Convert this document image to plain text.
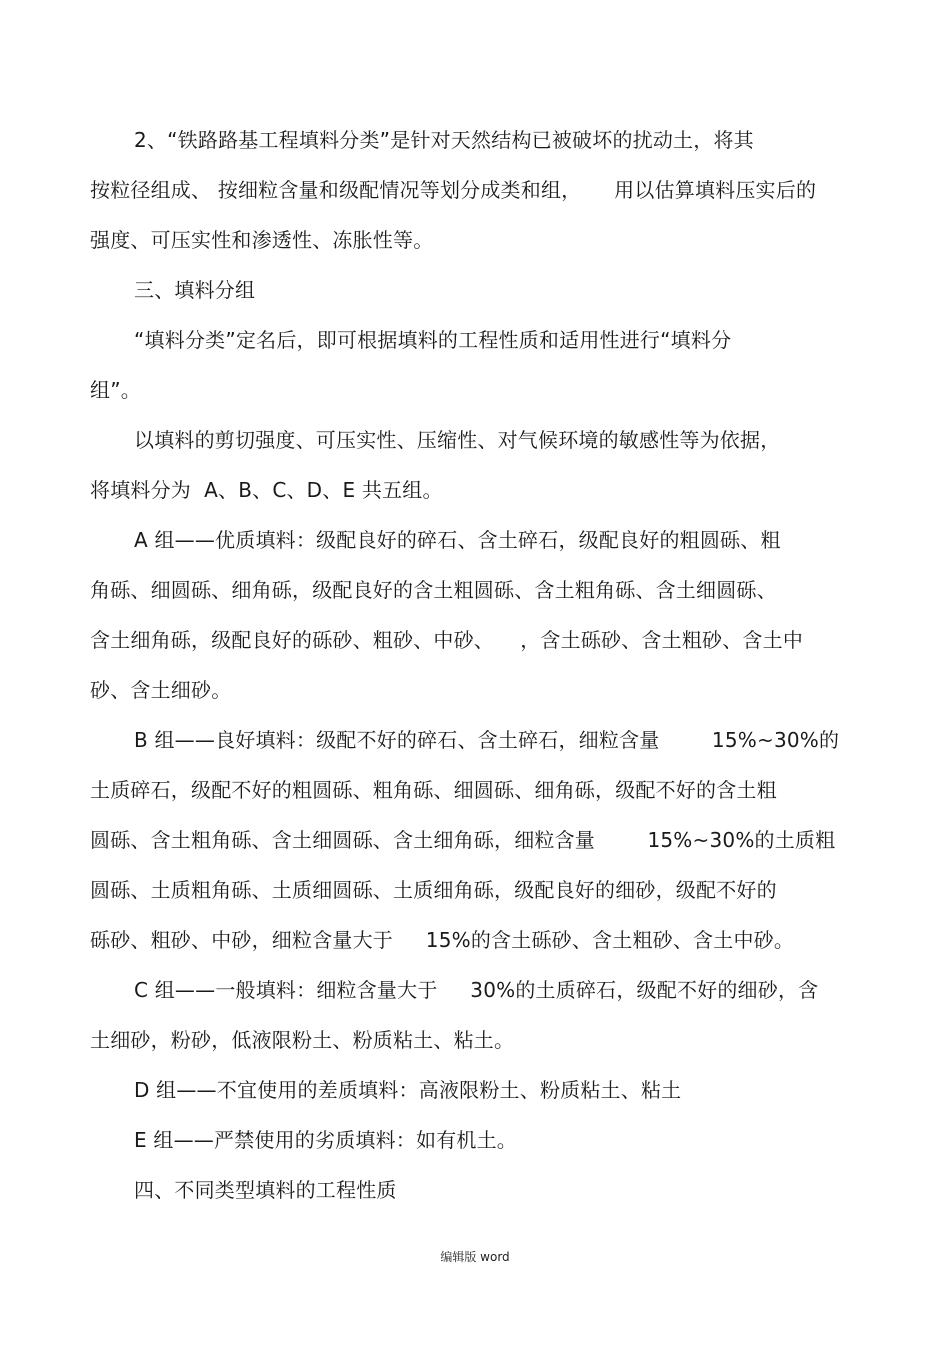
2、“铁路路基工程填料分类”是针对天然结构已被破坏的扰动土，将其
按粒径组成、 按细粒含量和级配情况等划分成类和组，     用以估算填料压实后的
强度、可压实性和渗透性、冻胀性等。
三、填料分组
“填料分类”定名后，即可根据填料的工程性质和适用性进行“填料分
组”。
以填料的剪切强度、可压实性、压缩性、对气候环境的敏感性等为依据，
将填料分为  A、B、C、D、E 共五组。
A 组——优质填料：级配良好的碎石、含土碎石，级配良好的粗圆砾、粗
角砾、细圆砾、细角砾，级配良好的含土粗圆砾、含土粗角砾、含土细圆砾、
含土细角砾，级配良好的砾砂、粗砂、中砂、    ，含土砾砂、含土粗砂、含土中
砂、含土细砂。
B 组——良好填料：级配不好的碎石、含土碎石，细粒含量        15%~30%的
土质碎石，级配不好的粗圆砾、粗角砾、细圆砾、细角砾，级配不好的含土粗
圆砾、含土粗角砾、含土细圆砾、含土细角砾，细粒含量        15%~30%的土质粗
圆砾、土质粗角砾、土质细圆砾、土质细角砾，级配良好的细砂，级配不好的
砾砂、粗砂、中砂，细粒含量大于     15%的含土砾砂、含土粗砂、含土中砂。
C 组——一般填料：细粒含量大于     30%的土质碎石，级配不好的细砂，含
土细砂，粉砂，低液限粉土、粉质粘土、粘土。
D 组——不宜使用的差质填料：高液限粉土、粉质粘土、粘土
E 组——严禁使用的劣质填料：如有机土。
四、不同类型填料的工程性质
编辑版 word
